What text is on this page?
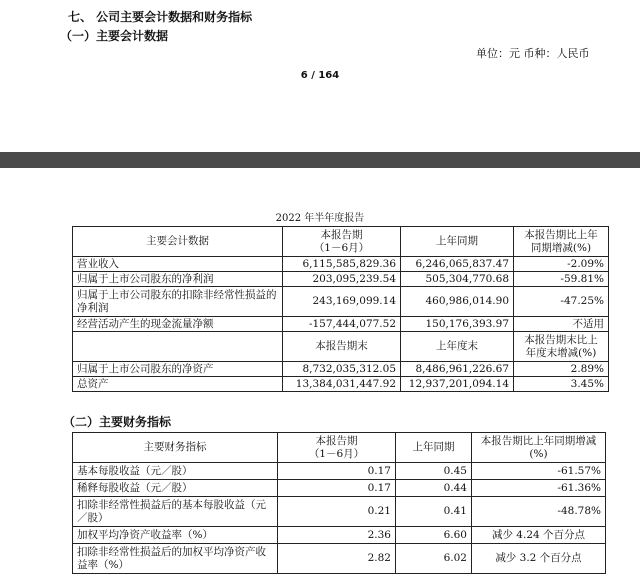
七、 公司主要会计数据和财务指标
（一）主要会计数据
单位：元 币种：人民币
6 / 164
2022 年半年度报告
主要会计数据	本报告期
（1－6月）	上年同期	本报告期比上年
同期增减(%)
营业收入	6,115,585,829.36	6,246,065,837.47	-2.09%
归属于上市公司股东的净利润	203,095,239.54	505,304,770.68	-59.81%
归属于上市公司股东的扣除非经常性损益的净利润	243,169,099.14	460,986,014.90	-47.25%
经营活动产生的现金流量净额	-157,444,077.52	150,176,393.97	不适用
	本报告期末	上年度末	本报告期末比上
年度末增减(%)
归属于上市公司股东的净资产	8,732,035,312.05	8,486,961,226.67	2.89%
总资产	13,384,031,447.92	12,937,201,094.14	3.45%
（二）主要财务指标
主要财务指标	本报告期
（1－6月）	上年同期	本报告期比上年同期增减
(%)
基本每股收益（元／股）	0.17	0.45	-61.57%
稀释每股收益（元／股）	0.17	0.44	-61.36%
扣除非经常性损益后的基本每股收益（元／股）	0.21	0.41	-48.78%
加权平均净资产收益率（%）	2.36	6.60	减少 4.24 个百分点
扣除非经常性损益后的加权平均净资产收益率（%）	2.82	6.02	减少 3.2 个百分点
